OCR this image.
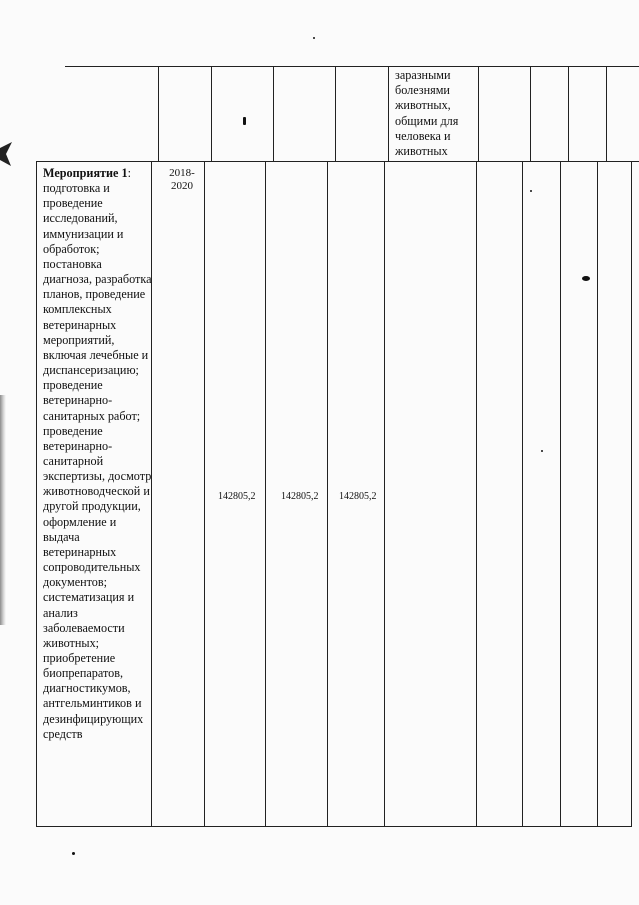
заразными
болезнями
животных,
общими для
человека и
животных
Мероприятие 1: подготовка и проведение исследований, иммунизации и обработок; постановка диагноза, разработка планов, проведение комплексных ветеринарных мероприятий, включая лечебные и диспансеризацию; проведение ветеринарно-санитарных работ; проведение ветеринарно-санитарной экспертизы, досмотр животноводческой и другой продукции, оформление и выдача ветеринарных сопроводительных документов; систематизация и анализ заболеваемости животных; приобретение биопрепаратов, диагностикумов, антгельминтиков и дезинфицирующих средств
2018-
2020
142805,2	142805,2 142805,2
